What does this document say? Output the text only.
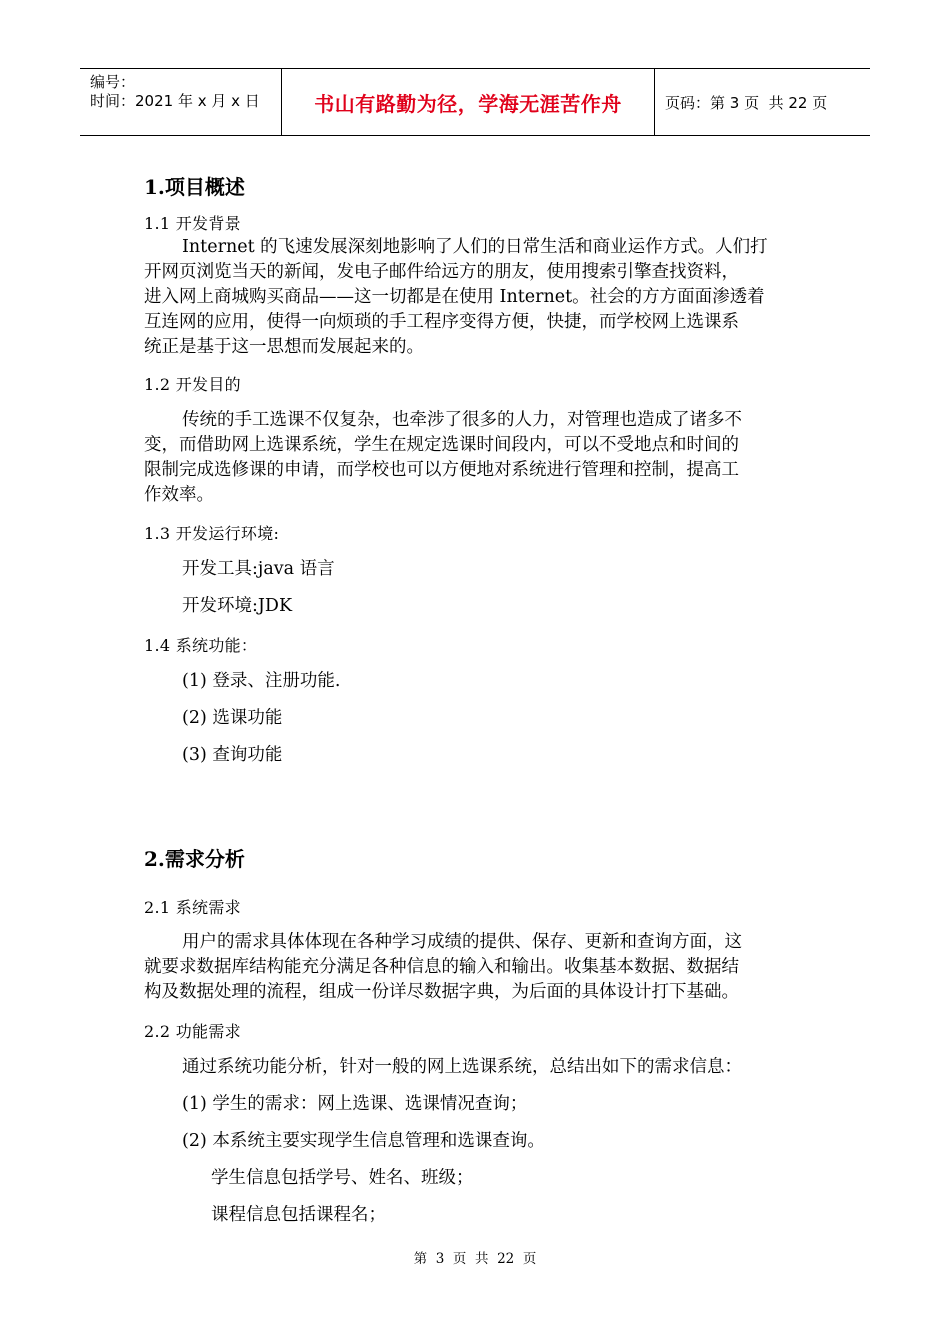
编号：
时间：2021 年 x 月 x 日	书山有路勤为径，学海无涯苦作舟	页码：第 3 页  共 22 页
1.项目概述
1.1 开发背景
Internet 的飞速发展深刻地影响了人们的日常生活和商业运作方式。人们打
开网页浏览当天的新闻，发电子邮件给远方的朋友，使用搜索引擎查找资料，
进入网上商城购买商品——这一切都是在使用 Internet。社会的方方面面渗透着
互连网的应用，使得一向烦琐的手工程序变得方便，快捷，而学校网上选课系
统正是基于这一思想而发展起来的。
1.2 开发目的
传统的手工选课不仅复杂，也牵涉了很多的人力，对管理也造成了诸多不
变，而借助网上选课系统，学生在规定选课时间段内，可以不受地点和时间的
限制完成选修课的申请，而学校也可以方便地对系统进行管理和控制，提高工
作效率。
1.3 开发运行环境:
开发工具:java 语言
开发环境:JDK
1.4 系统功能：
(1) 登录、注册功能.
(2) 选课功能
(3) 查询功能
2.需求分析
2.1 系统需求
用户的需求具体体现在各种学习成绩的提供、保存、更新和查询方面，这
就要求数据库结构能充分满足各种信息的输入和输出。收集基本数据、数据结
构及数据处理的流程，组成一份详尽数据字典，为后面的具体设计打下基础。
2.2 功能需求
通过系统功能分析，针对一般的网上选课系统，总结出如下的需求信息：
(1) 学生的需求：网上选课、选课情况查询；
(2) 本系统主要实现学生信息管理和选课查询。
学生信息包括学号、姓名、班级；
课程信息包括课程名；
第  3  页  共  22  页
